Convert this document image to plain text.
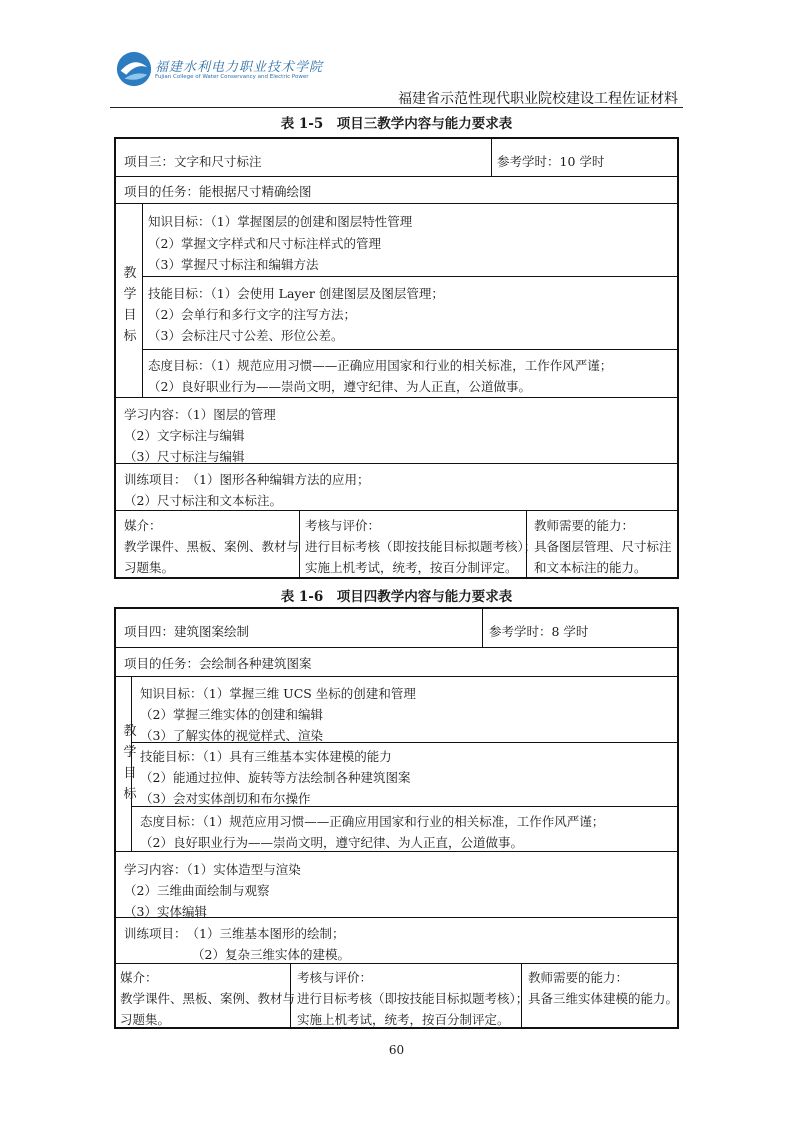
福建水利电力职业技术学院
Fujian College of Water Conservancy and Electric Power
福建省示范性现代职业院校建设工程佐证材料
表 1-5　项目三教学内容与能力要求表
项目三：文字和尺寸标注	参考学时：10 学时
项目的任务：能根据尺寸精确绘图
教
学
目
标
知识目标：（1）掌握图层的创建和图层特性管理
（2）掌握文字样式和尺寸标注样式的管理
（3）掌握尺寸标注和编辑方法
技能目标：（1）会使用 Layer 创建图层及图层管理；
（2）会单行和多行文字的注写方法；
（3）会标注尺寸公差、形位公差。
态度目标：（1）规范应用习惯——正确应用国家和行业的相关标准，工作作风严谨；
（2）良好职业行为——崇尚文明，遵守纪律、为人正直，公道做事。
学习内容：（1）图层的管理
（2）文字标注与编辑
（3）尺寸标注与编辑
训练项目：　（1）图形各种编辑方法的应用；
（2）尺寸标注和文本标注。
媒介：
教学课件、黑板、案例、教材与
习题集。
考核与评价：
进行目标考核（即按技能目标拟题考核）；
实施上机考试，统考，按百分制评定。
教师需要的能力：
具备图层管理、尺寸标注
和文本标注的能力。
表 1-6　项目四教学内容与能力要求表
项目四：建筑图案绘制	参考学时：8 学时
项目的任务：会绘制各种建筑图案
教
学
目
标
知识目标：（1）掌握三维 UCS 坐标的创建和管理
（2）掌握三维实体的创建和编辑
（3）了解实体的视觉样式、渲染
技能目标：（1）具有三维基本实体建模的能力
（2）能通过拉伸、旋转等方法绘制各种建筑图案
（3）会对实体剖切和布尔操作
态度目标：（1）规范应用习惯——正确应用国家和行业的相关标准，工作作风严谨；
（2）良好职业行为——崇尚文明，遵守纪律、为人正直，公道做事。
学习内容：（1）实体造型与渲染
（2）三维曲面绘制与观察
（3）实体编辑
训练项目：　（1）三维基本图形的绘制；
（2）复杂三维实体的建模。
媒介：
教学课件、黑板、案例、教材与
习题集。
考核与评价：
进行目标考核（即按技能目标拟题考核）；
实施上机考试，统考，按百分制评定。
教师需要的能力：
具备三维实体建模的能力。
60
